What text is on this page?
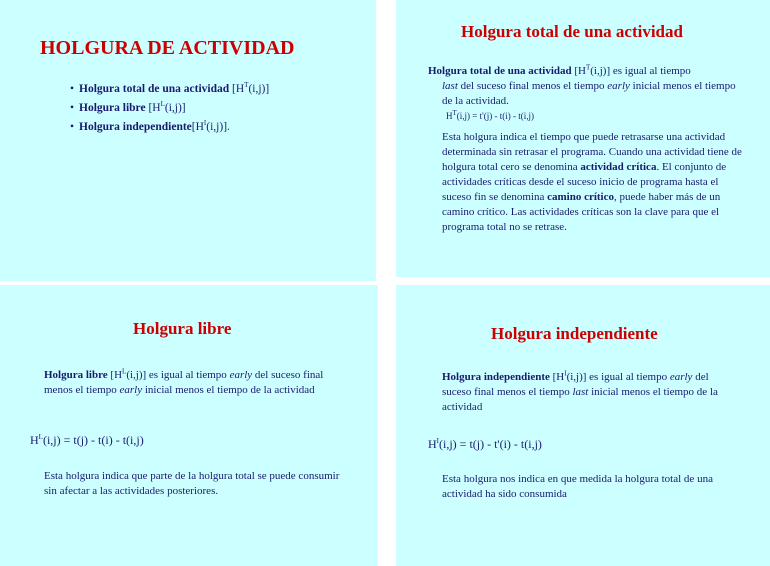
HOLGURA DE ACTIVIDAD
• Holgura total de una actividad $[H^T(i,j)]$
• Holgura libre $[H^L(i,j)]$
• Holgura $independiente[H^I(i,j)]$.
Holgura total de una actividad
Holgura total de una actividad $[H^T(i,j)]$ es igual al tiempo
last del suceso final menos el tiempo early inicial menos el tiempo de la actividad.
$H^T(i,j) = t'(j) - t(i) - t(i,j)$
Esta holgura indica el tiempo que puede retrasarse una actividad determinada sin retrasar el programa. Cuando una actividad tiene de holgura total cero se denomina actividad crítica. El conjunto de actividades críticas desde el suceso inicio de programa hasta el suceso fin se denomina camino crítico, puede haber más de un camino crítico. Las actividades críticas son la clave para que el programa total no se retrase.
Holgura libre
Holgura libre $[H^L(i,j)]$ es igual al tiempo early del suceso final menos el tiempo early inicial menos el tiempo de la actividad
$H^L(i,j) = t(j) - t(i) - t(i,j)$
Esta holgura indica que parte de la holgura total se puede consumir sin afectar a las actividades posteriores.
Holgura independiente
Holgura independiente $[H^I(i,j)]$ es igual al tiempo early del suceso final menos el tiempo last inicial menos el tiempo de la actividad
$H^I(i,j) = t(j) - t'(i) - t(i,j)$
Esta holgura nos indica en que medida la holgura total de una actividad ha sido consumida
